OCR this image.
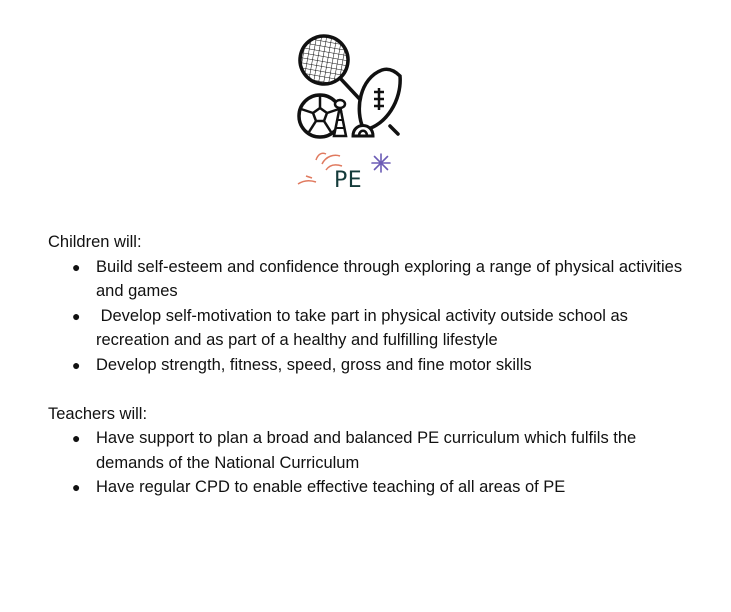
PE

Children will:

● Build self-esteem and confidence through exploring a range of physical activities and games
● Develop self-motivation to take part in physical activity outside school as recreation and as part of a healthy and fulfilling lifestyle
● Develop strength, fitness, speed, gross and fine motor skills

Teachers will:

● Have support to plan a broad and balanced PE curriculum which fulfils the demands of the National Curriculum
● Have regular CPD to enable effective teaching of all areas of PE
